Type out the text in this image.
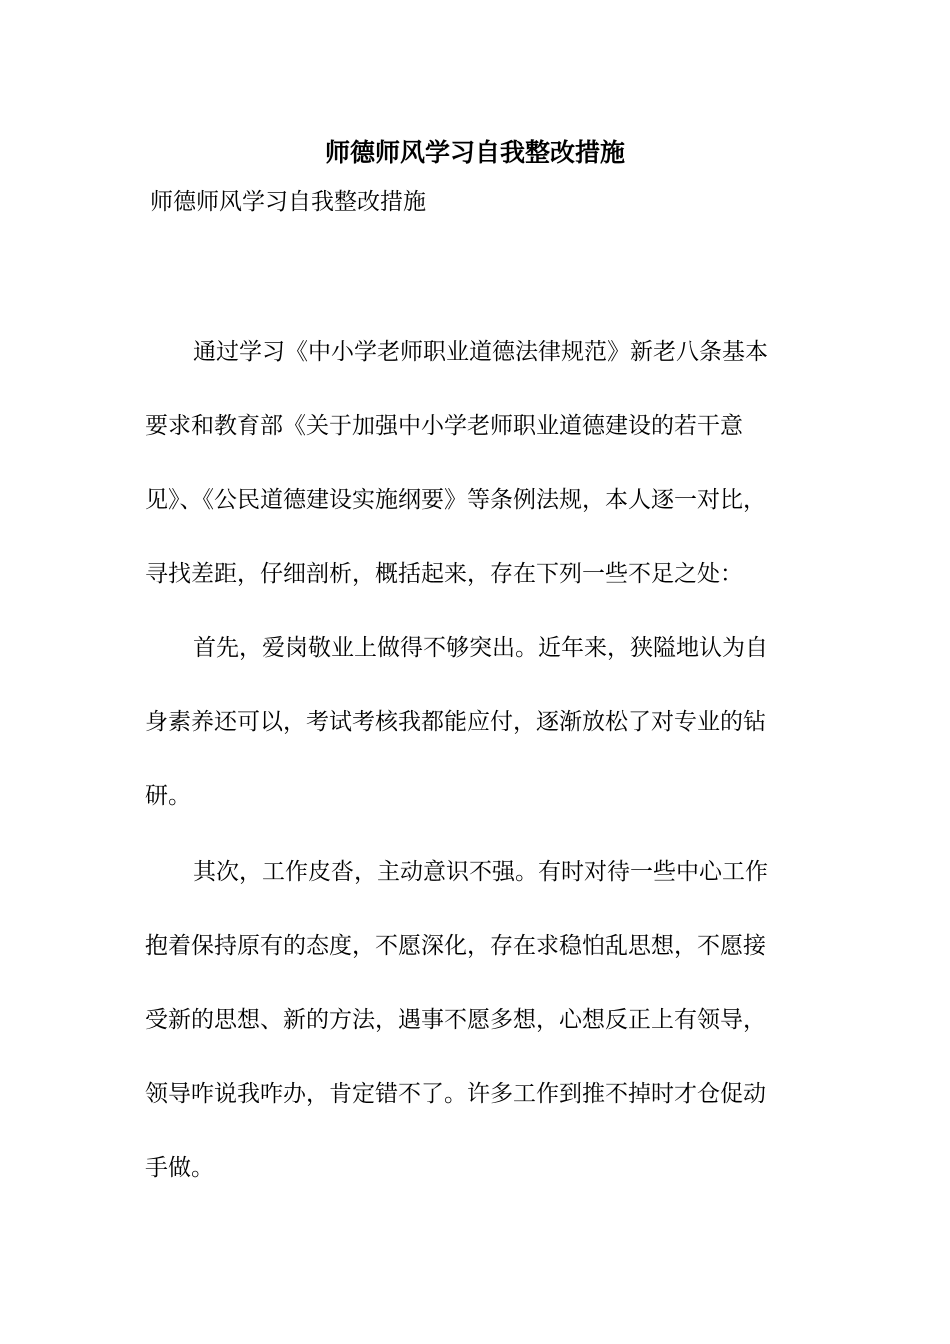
师德师风学习自我整改措施
师德师风学习自我整改措施
通过学习《中小学老师职业道德法律规范》新老八条基本
要求和教育部《关于加强中小学老师职业道德建设的若干意
见》、《公民道德建设实施纲要》等条例法规，本人逐一对比，
寻找差距，仔细剖析，概括起来，存在下列一些不足之处：
首先，爱岗敬业上做得不够突出。近年来，狭隘地认为自
身素养还可以，考试考核我都能应付，逐渐放松了对专业的钻
研。
其次，工作皮沓，主动意识不强。有时对待一些中心工作
抱着保持原有的态度，不愿深化，存在求稳怕乱思想，不愿接
受新的思想、新的方法，遇事不愿多想，心想反正上有领导，
领导咋说我咋办，肯定错不了。许多工作到推不掉时才仓促动
手做。
